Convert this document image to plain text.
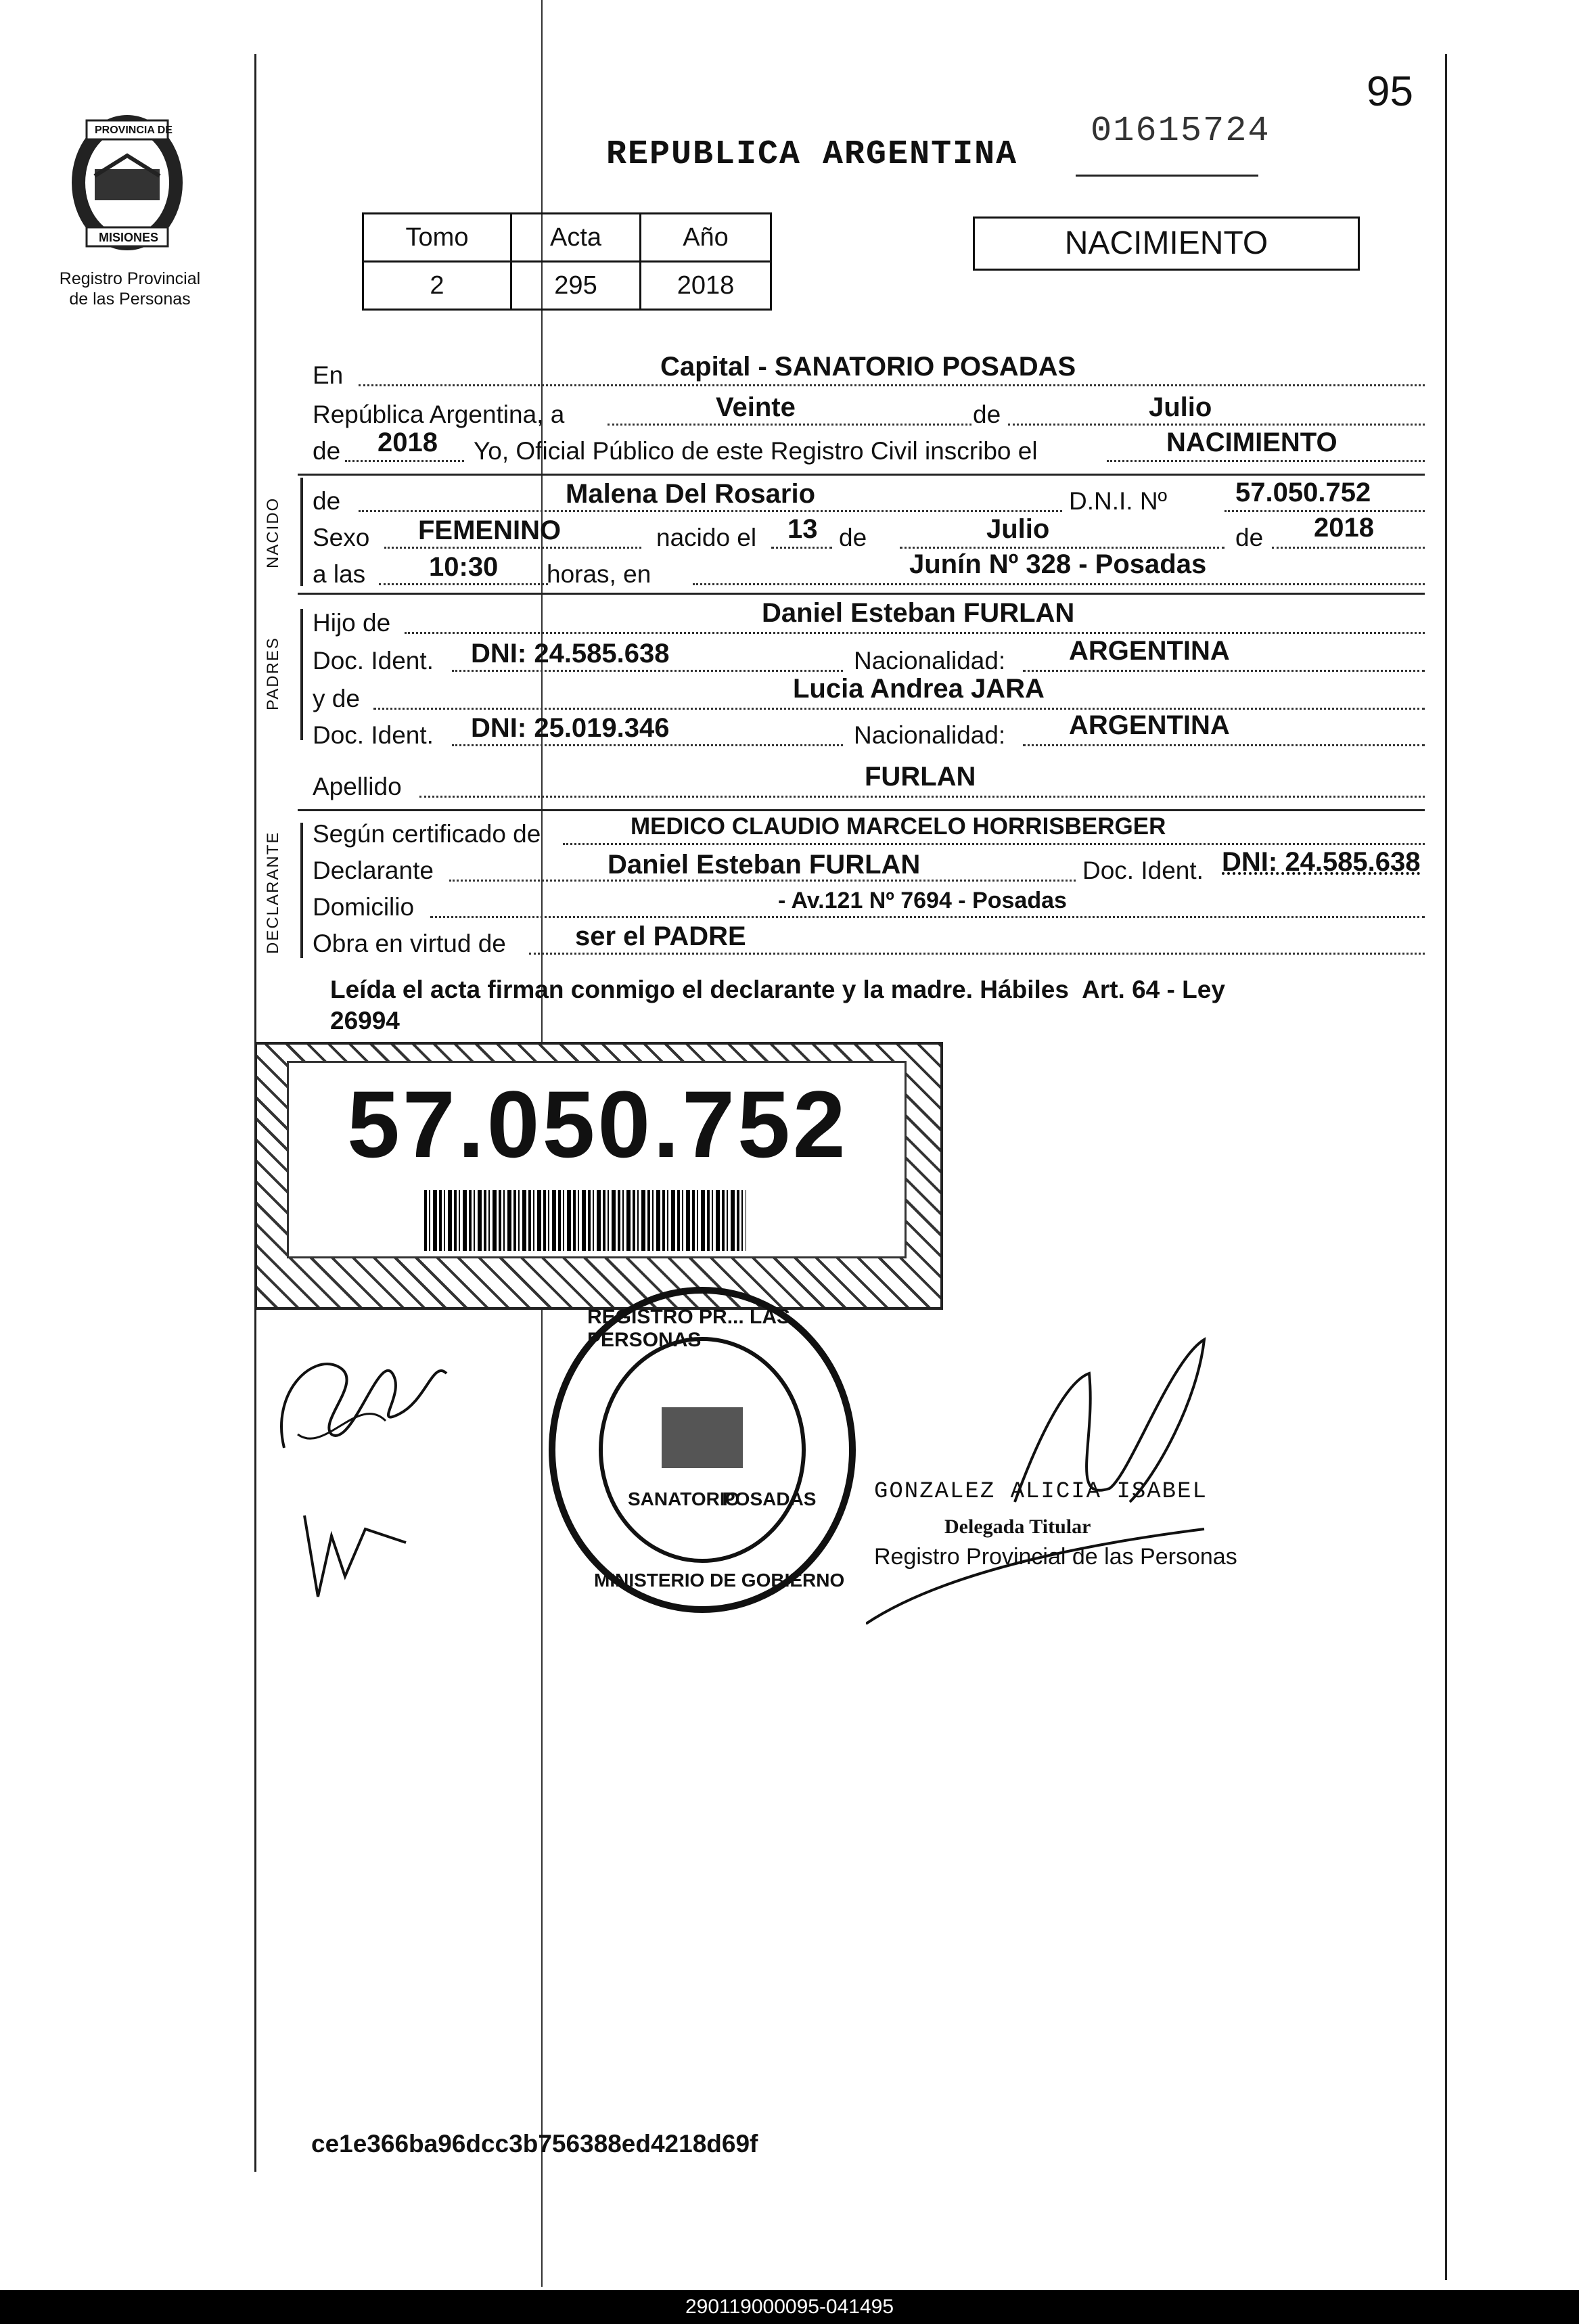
PROVINCIA DE
MISIONES
Registro Provincial
de las Personas
95
01615724
REPUBLICA ARGENTINA
Tomo	Acta	Año
2	295	2018
NACIMIENTO
En	Capital - SANATORIO POSADAS
República Argentina, a	Veinte	de	Julio
de 2018 Yo, Oficial Público de este Registro Civil inscribo el	NACIMIENTO
NACIDO de	Malena Del Rosario	D.N.I. Nº	57.050.752
Sexo FEMENINO	nacido el 13 de	Julio	de 2018
a las 10:30 horas, en	Junín Nº 328 - Posadas
PADRES
Hijo de	Daniel Esteban FURLAN
Doc. Ident. DNI: 24.585.638	Nacionalidad: ARGENTINA
y de	Lucia Andrea JARA
Doc. Ident. DNI: 25.019.346	Nacionalidad: ARGENTINA
Apellido	FURLAN
DECLARANTE Según certificado de	MEDICO CLAUDIO MARCELO HORRISBERGER
Declarante	Daniel Esteban FURLAN	Doc. Ident. DNI: 24.585.638
Domicilio	- Av.121 Nº 7694 - Posadas
Obra en virtud de	ser el PADRE
Leída el acta firman conmigo el declarante y la madre. Hábiles  Art. 64 - Ley
26994
57.050.752
REGISTRO PR... LAS PERSONAS
SANATORIO
POSADAS
MINISTERIO DE GOBIERNO
GONZALEZ ALICIA ISABEL
Delegada Titular
Registro Provincial de las Personas
ce1e366ba96dcc3b756388ed4218d69f
290119000095-041495
